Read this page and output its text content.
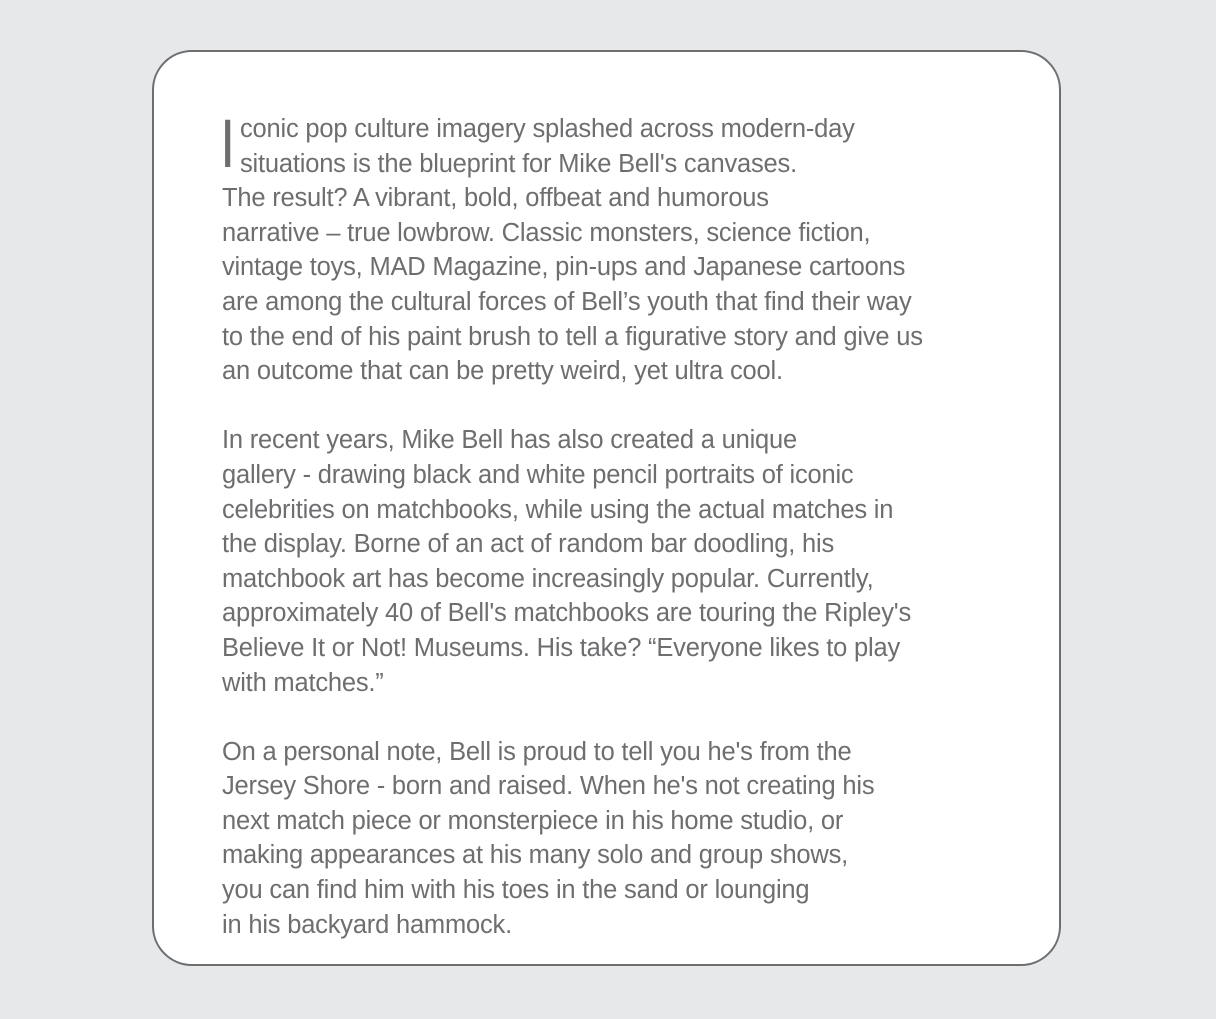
I conic pop culture imagery splashed across modern-day
situations is the blueprint for Mike Bell's canvases.
The result? A vibrant, bold, offbeat and humorous
narrative – true lowbrow. Classic monsters, science fiction,
vintage toys, MAD Magazine, pin-ups and Japanese cartoons
are among the cultural forces of Bell’s youth that find their way
to the end of his paint brush to tell a figurative story and give us
an outcome that can be pretty weird, yet ultra cool.
In recent years, Mike Bell has also created a unique
gallery - drawing black and white pencil portraits of iconic
celebrities on matchbooks, while using the actual matches in
the display. Borne of an act of random bar doodling, his
matchbook art has become increasingly popular. Currently,
approximately 40 of Bell's matchbooks are touring the Ripley's
Believe It or Not! Museums. His take? “Everyone likes to play
with matches.”
On a personal note, Bell is proud to tell you he's from the
Jersey Shore - born and raised. When he's not creating his
next match piece or monsterpiece in his home studio, or
making appearances at his many solo and group shows,
you can find him with his toes in the sand or lounging
in his backyard hammock.
